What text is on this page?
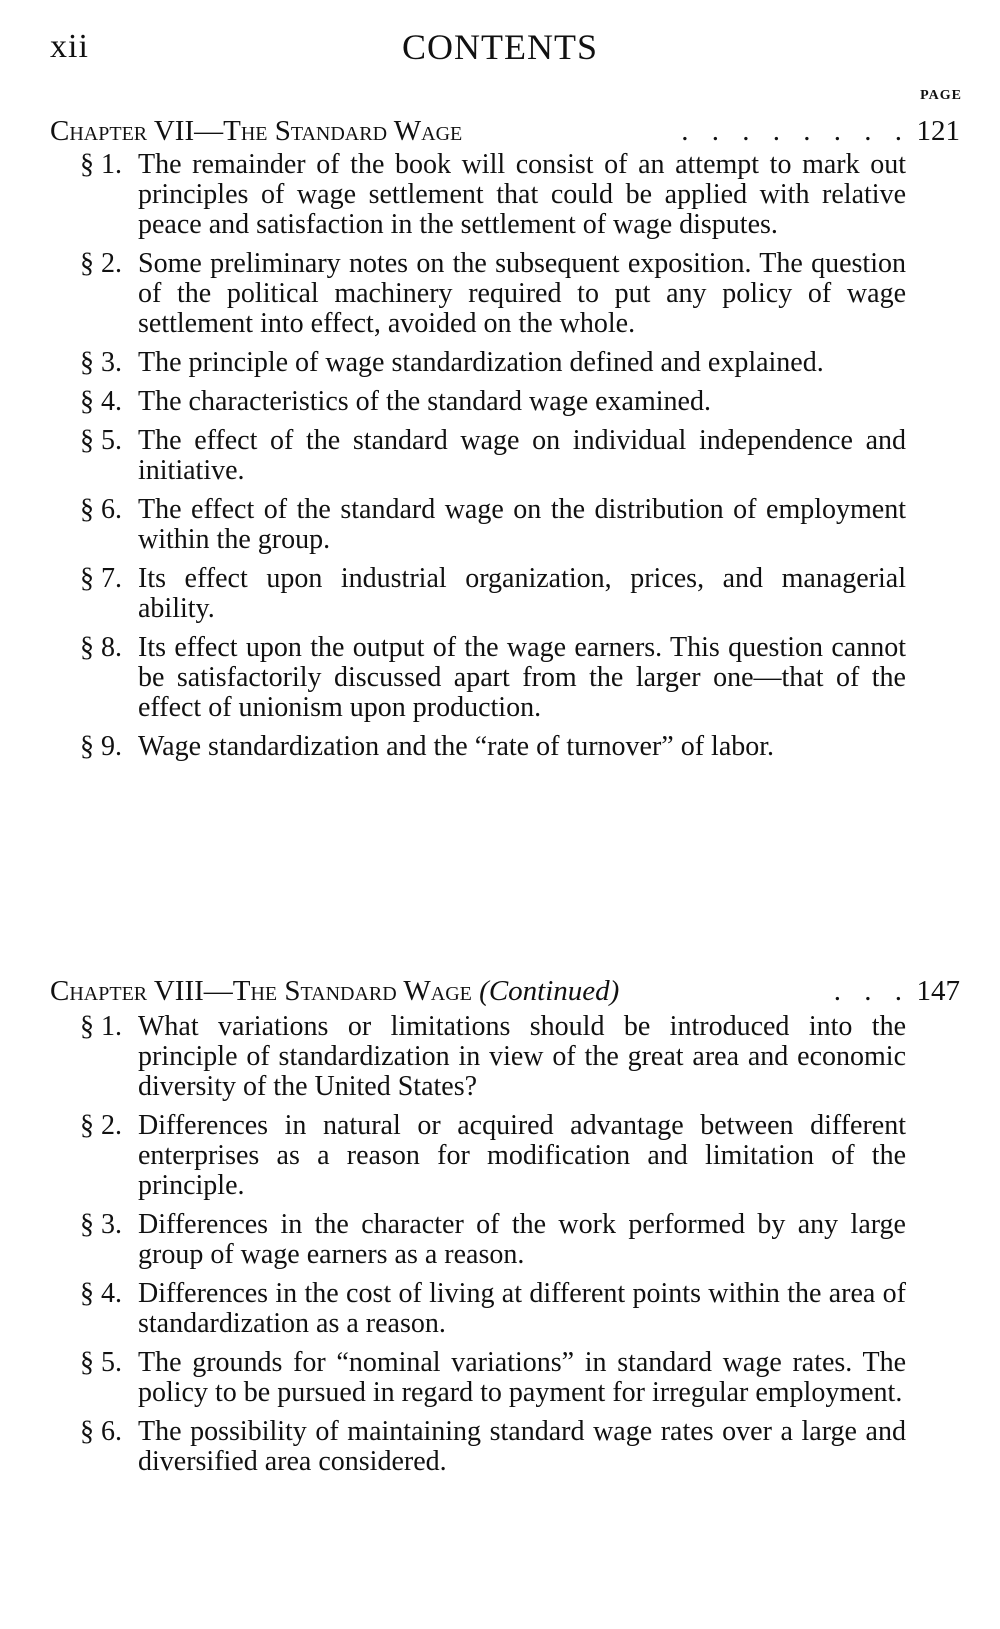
xii	CONTENTS
PAGE
Chapter VII—The Standard Wage	. . . . . . . . 121
§ 1. The remainder of the book will consist of an attempt to mark out principles of wage settlement that could be applied with relative peace and satisfaction in the settlement of wage disputes.
§ 2. Some preliminary notes on the subsequent exposition. The question of the political machinery required to put any policy of wage settlement into effect, avoided on the whole.
§ 3. The principle of wage standardization defined and explained.
§ 4. The characteristics of the standard wage examined.
§ 5. The effect of the standard wage on individual independence and initiative.
§ 6. The effect of the standard wage on the distribution of employment within the group.
§ 7. Its effect upon industrial organization, prices, and managerial ability.
§ 8. Its effect upon the output of the wage earners. This question cannot be satisfactorily discussed apart from the larger one—that of the effect of unionism upon production.
§ 9. Wage standardization and the “rate of turnover” of labor.
Chapter VIII—The Standard Wage (Continued)	. . . 147
§ 1. What variations or limitations should be introduced into the principle of standardization in view of the great area and economic diversity of the United States?
§ 2. Differences in natural or acquired advantage between different enterprises as a reason for modification and limitation of the principle.
§ 3. Differences in the character of the work performed by any large group of wage earners as a reason.
§ 4. Differences in the cost of living at different points within the area of standardization as a reason.
§ 5. The grounds for “nominal variations” in standard wage rates. The policy to be pursued in regard to payment for irregular employment.
§ 6. The possibility of maintaining standard wage rates over a large and diversified area considered.
